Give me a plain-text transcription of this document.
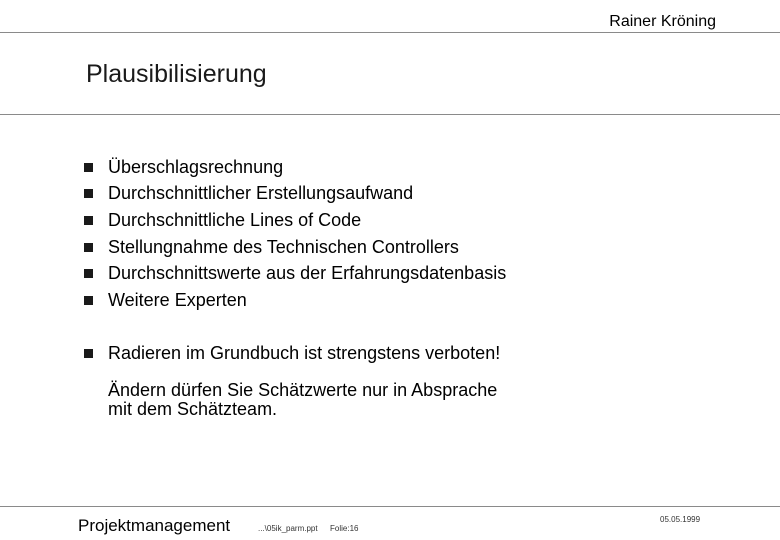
Rainer Kröning
Plausibilisierung
Überschlagsrechnung
Durchschnittlicher Erstellungsaufwand
Durchschnittliche Lines of Code
Stellungnahme des Technischen Controllers
Durchschnittswerte aus der Erfahrungsdatenbasis
Weitere Experten
Radieren im Grundbuch ist strengstens verboten!
Ändern dürfen Sie Schätzwerte nur in Absprache
mit dem Schätzteam.
Projektmanagement	...\05ik_parm.ppt Folie:16
05.05.1999
